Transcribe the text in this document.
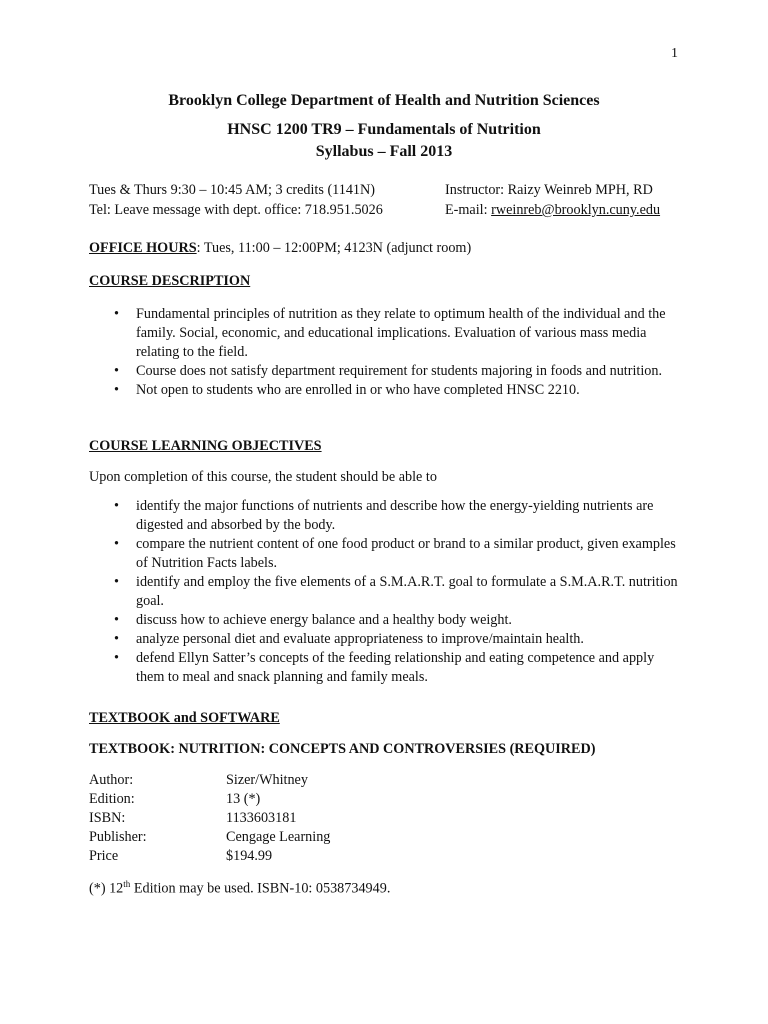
1
Brooklyn College Department of Health and Nutrition Sciences
HNSC 1200 TR9 – Fundamentals of Nutrition
Syllabus – Fall 2013
Tues & Thurs 9:30 – 10:45 AM; 3 credits (1141N)	Instructor: Raizy Weinreb MPH, RD
Tel: Leave message with dept. office: 718.951.5026	E-mail: rweinreb@brooklyn.cuny.edu
OFFICE HOURS: Tues, 11:00 – 12:00PM; 4123N (adjunct room)
COURSE DESCRIPTION
• Fundamental principles of nutrition as they relate to optimum health of the individual and the family. Social, economic, and educational implications. Evaluation of various mass media relating to the field.
• Course does not satisfy department requirement for students majoring in foods and nutrition.
• Not open to students who are enrolled in or who have completed HNSC 2210.
COURSE LEARNING OBJECTIVES
Upon completion of this course, the student should be able to
• identify the major functions of nutrients and describe how the energy-yielding nutrients are digested and absorbed by the body.
• compare the nutrient content of one food product or brand to a similar product, given examples of Nutrition Facts labels.
• identify and employ the five elements of a S.M.A.R.T. goal to formulate a S.M.A.R.T. nutrition goal.
• discuss how to achieve energy balance and a healthy body weight.
• analyze personal diet and evaluate appropriateness to improve/maintain health.
• defend Ellyn Satter’s concepts of the feeding relationship and eating competence and apply them to meal and snack planning and family meals.
TEXTBOOK and SOFTWARE
TEXTBOOK: NUTRITION: CONCEPTS AND CONTROVERSIES (REQUIRED)
Author:	Sizer/Whitney
Edition:	13 (*)
ISBN:	1133603181
Publisher:	Cengage Learning
Price	$194.99
(*) 12th Edition may be used. ISBN-10: 0538734949.
